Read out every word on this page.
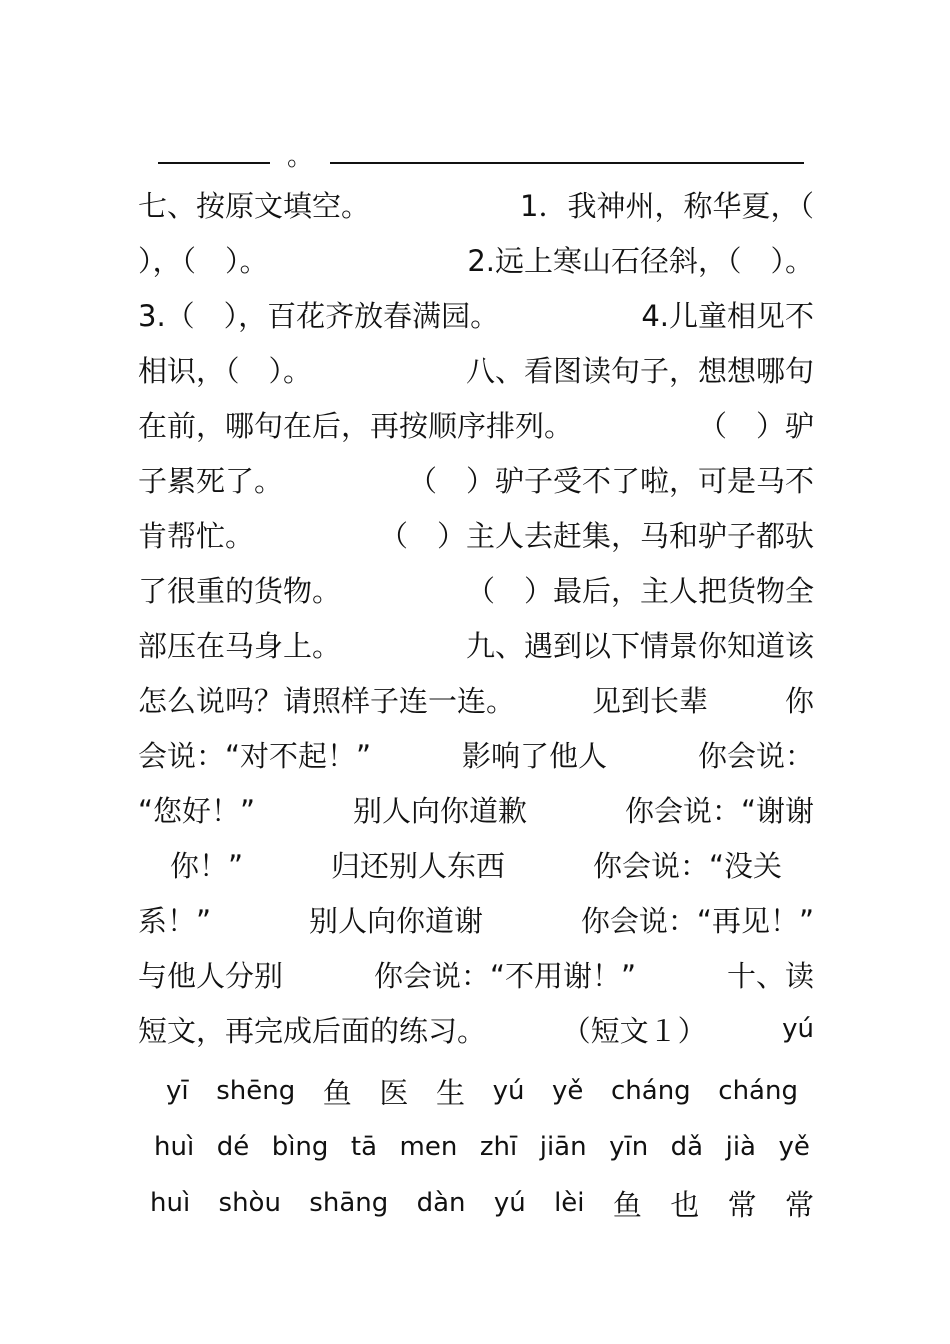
。
七、按原文填空。	1．我神州，称华夏，（
），（　）。	2.远上寒山石径斜，（　）。
3.（　），百花齐放春满园。	4.儿童相见不
相识，（　）。	八、看图读句子，想想哪句
在前，哪句在后，再按顺序排列。	（　）驴
子累死了。	（　）驴子受不了啦，可是马不
肯帮忙。	（　）主人去赶集，马和驴子都驮
了很重的货物。	（　）最后，主人把货物全
部压在马身上。	九、遇到以下情景你知道该
怎么说吗？请照样子连一连。	见到长辈	你
会说：“对不起！”	影响了他人	你会说：
“您好！”	别人向你道歉	你会说：“谢谢
你！”	归还别人东西	你会说：“没关
系！”	别人向你道谢	你会说：“再见！”
与他人分别	你会说：“不用谢！”	十、读
短文，再完成后面的练习。	（短文１）	yú
yī shēng 鱼 医 生 yú yě cháng cháng
huì dé bìng tā men zhī jiān yīn dǎ jià yě
huì shòu shāng dàn yú lèi 鱼 也 常 常
